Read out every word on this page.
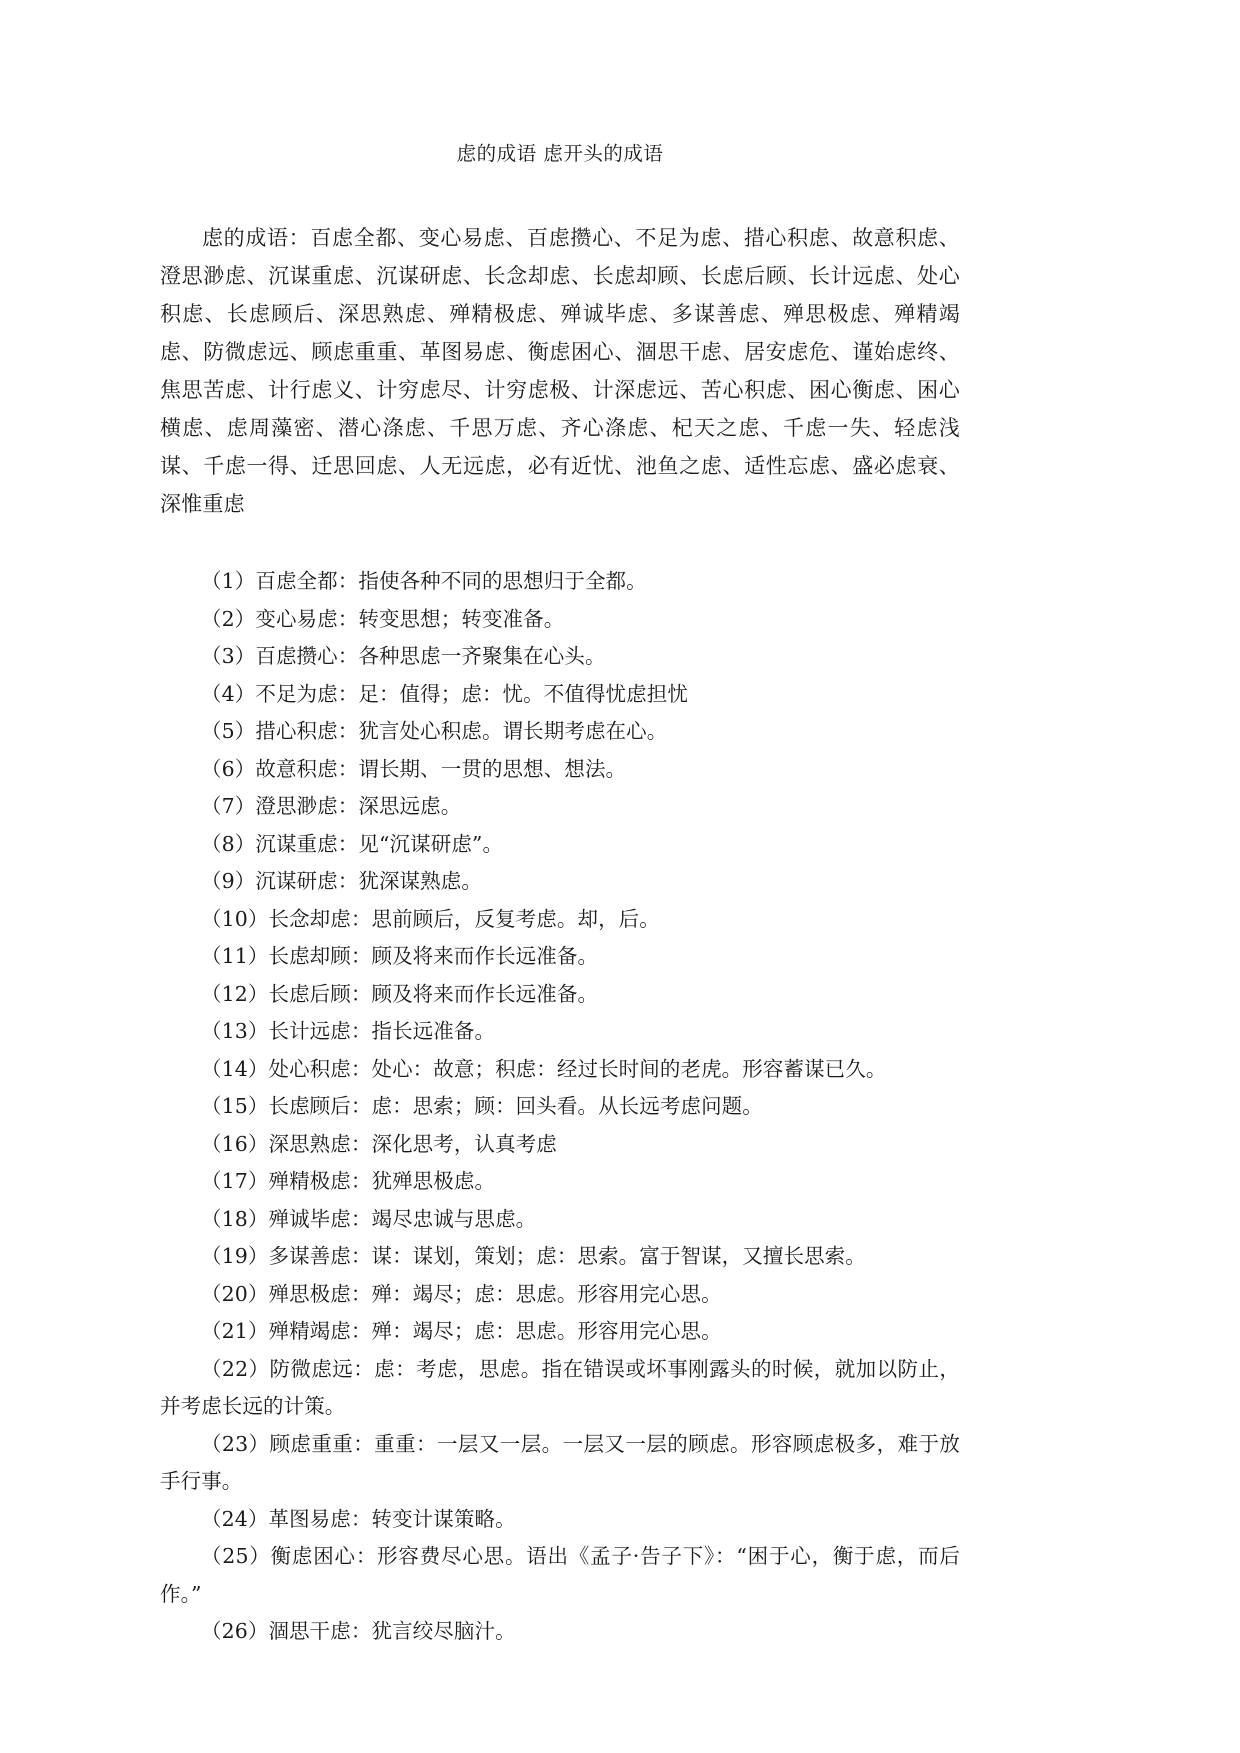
虑的成语 虑开头的成语

虑的成语：百虑全都、变心易虑、百虑攒心、不足为虑、措心积虑、故意积虑、澄思渺虑、沉谋重虑、沉谋研虑、长念却虑、长虑却顾、长虑后顾、长计远虑、处心积虑、长虑顾后、深思熟虑、殚精极虑、殚诚毕虑、多谋善虑、殚思极虑、殚精竭虑、防微虑远、顾虑重重、革图易虑、衡虑困心、涸思干虑、居安虑危、谨始虑终、焦思苦虑、计行虑义、计穷虑尽、计穷虑极、计深虑远、苦心积虑、困心衡虑、困心横虑、虑周藻密、潜心涤虑、千思万虑、齐心涤虑、杞天之虑、千虑一失、轻虑浅谋、千虑一得、迁思回虑、人无远虑，必有近忧、池鱼之虑、适性忘虑、盛必虑衰、深惟重虑

（1）百虑全都：指使各种不同的思想归于全都。

（2）变心易虑：转变思想；转变准备。

（3）百虑攒心：各种思虑一齐聚集在心头。

（4）不足为虑：足：值得；虑：忧。不值得忧虑担忧

（5）措心积虑：犹言处心积虑。谓长期考虑在心。

（6）故意积虑：谓长期、一贯的思想、想法。

（7）澄思渺虑：深思远虑。

（8）沉谋重虑：见“沉谋研虑”。

（9）沉谋研虑：犹深谋熟虑。

（10）长念却虑：思前顾后，反复考虑。却，后。

（11）长虑却顾：顾及将来而作长远准备。

（12）长虑后顾：顾及将来而作长远准备。

（13）长计远虑：指长远准备。

（14）处心积虑：处心：故意；积虑：经过长时间的老虎。形容蓄谋已久。

（15）长虑顾后：虑：思索；顾：回头看。从长远考虑问题。

（16）深思熟虑：深化思考，认真考虑

（17）殚精极虑：犹殚思极虑。

（18）殚诚毕虑：竭尽忠诚与思虑。

（19）多谋善虑：谋：谋划，策划；虑：思索。富于智谋，又擅长思索。

（20）殚思极虑：殚：竭尽；虑：思虑。形容用完心思。

（21）殚精竭虑：殚：竭尽；虑：思虑。形容用完心思。

（22）防微虑远：虑：考虑，思虑。指在错误或坏事刚露头的时候，就加以防止，并考虑长远的计策。

（23）顾虑重重：重重：一层又一层。一层又一层的顾虑。形容顾虑极多，难于放手行事。

（24）革图易虑：转变计谋策略。

（25）衡虑困心：形容费尽心思。语出《孟子·告子下》：“困于心，衡于虑，而后作。”

（26）涸思干虑：犹言绞尽脑汁。
